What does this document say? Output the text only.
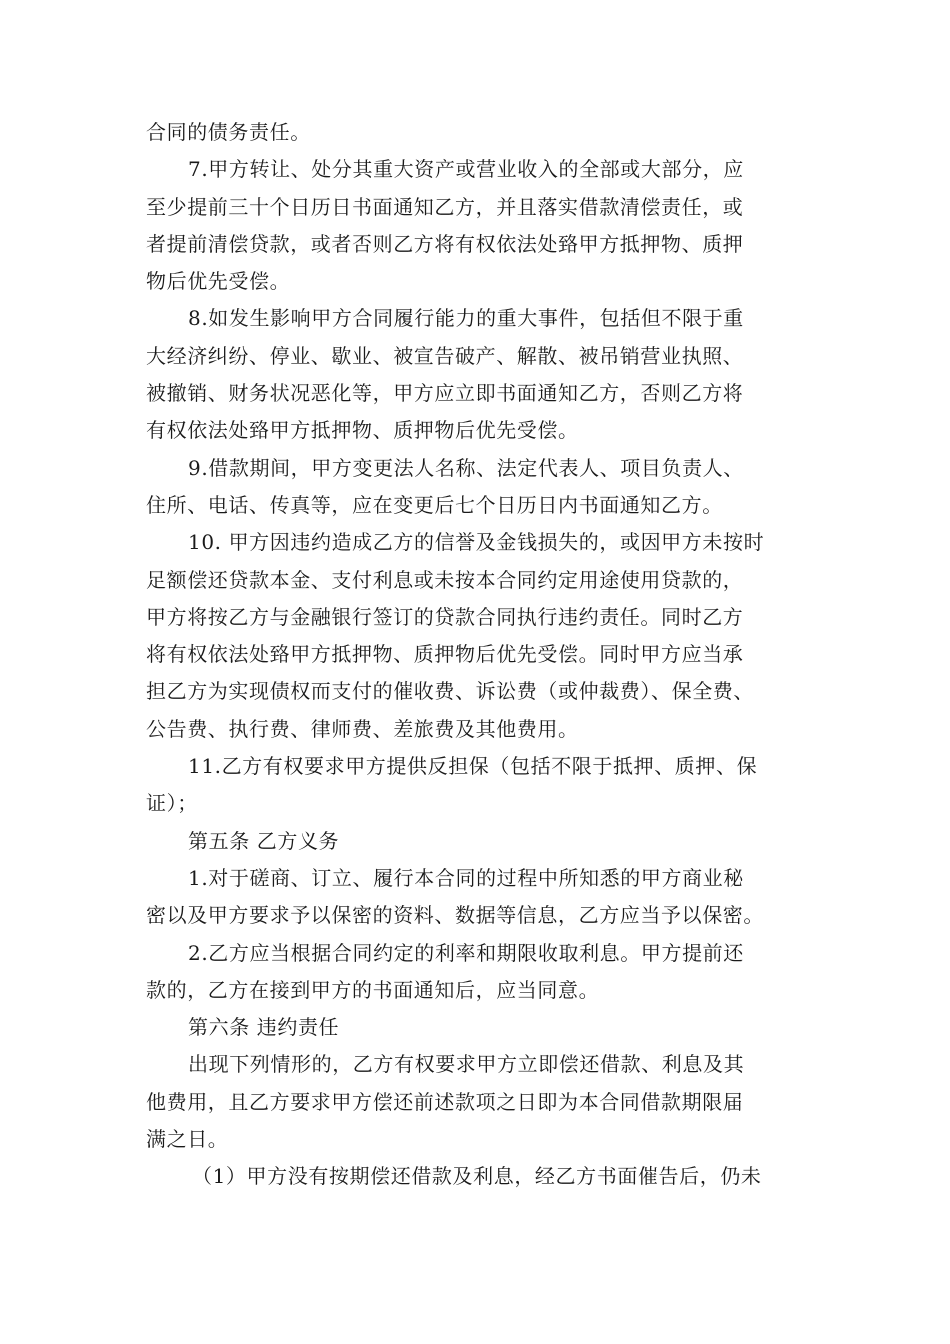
合同的债务责任。
7.甲方转让、处分其重大资产或营业收入的全部或大部分，应
至少提前三十个日历日书面通知乙方，并且落实借款清偿责任，或
者提前清偿贷款，或者否则乙方将有权依法处臵甲方抵押物、质押
物后优先受偿。
8.如发生影响甲方合同履行能力的重大事件，包括但不限于重
大经济纠纷、停业、歇业、被宣告破产、解散、被吊销营业执照、
被撤销、财务状况恶化等，甲方应立即书面通知乙方，否则乙方将
有权依法处臵甲方抵押物、质押物后优先受偿。
9.借款期间，甲方变更法人名称、法定代表人、项目负责人、
住所、电话、传真等，应在变更后七个日历日内书面通知乙方。
10. 甲方因违约造成乙方的信誉及金钱损失的，或因甲方未按时
足额偿还贷款本金、支付利息或未按本合同约定用途使用贷款的，
甲方将按乙方与金融银行签订的贷款合同执行违约责任。同时乙方
将有权依法处臵甲方抵押物、质押物后优先受偿。同时甲方应当承
担乙方为实现债权而支付的催收费、诉讼费（或仲裁费）、保全费、
公告费、执行费、律师费、差旅费及其他费用。
11.乙方有权要求甲方提供反担保（包括不限于抵押、质押、保
证）；
第五条 乙方义务
1.对于磋商、订立、履行本合同的过程中所知悉的甲方商业秘
密以及甲方要求予以保密的资料、数据等信息，乙方应当予以保密。
2.乙方应当根据合同约定的利率和期限收取利息。甲方提前还
款的，乙方在接到甲方的书面通知后，应当同意。
第六条 违约责任
出现下列情形的，乙方有权要求甲方立即偿还借款、利息及其
他费用，且乙方要求甲方偿还前述款项之日即为本合同借款期限届
满之日。
（1）甲方没有按期偿还借款及利息，经乙方书面催告后，仍未
